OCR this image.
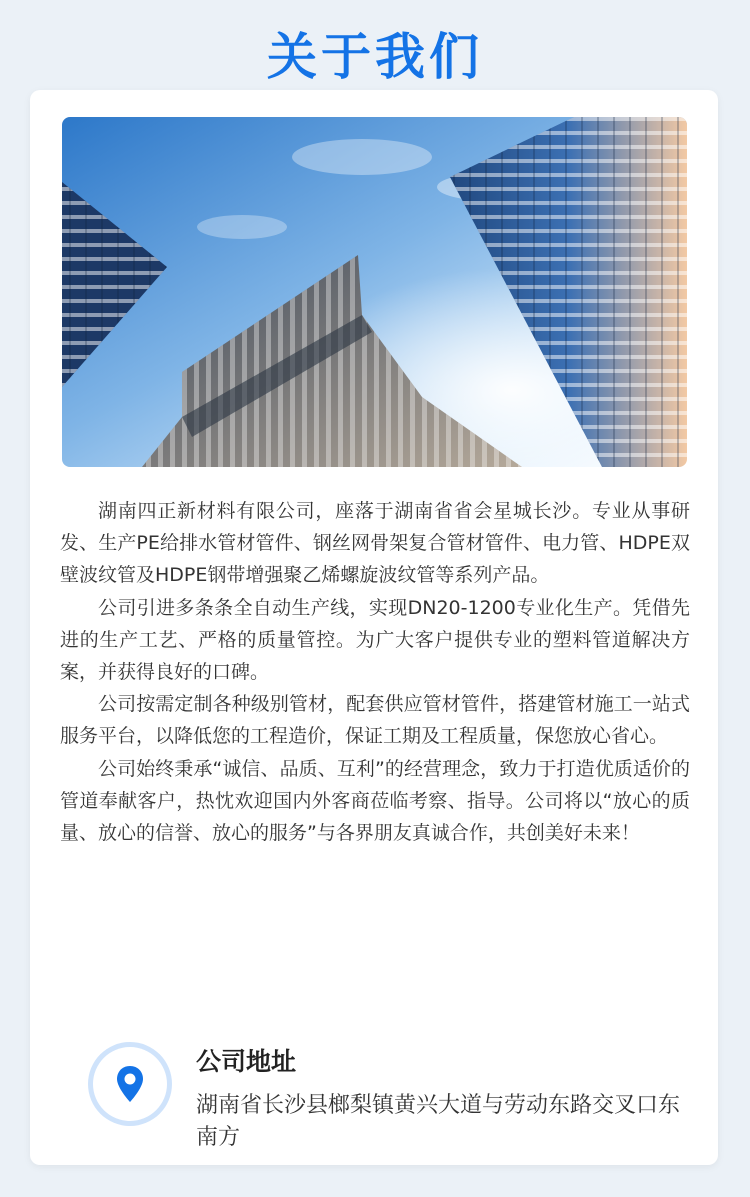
关于我们

湖南四正新材料有限公司，座落于湖南省省会星城长沙。专业从事研发、生产PE给排水管材管件、钢丝网骨架复合管材管件、电力管、HDPE双壁波纹管及HDPE钢带增强聚乙烯螺旋波纹管等系列产品。

公司引进多条条全自动生产线，实现DN20-1200专业化生产。凭借先进的生产工艺、严格的质量管控。为广大客户提供专业的塑料管道解决方案，并获得良好的口碑。

公司按需定制各种级别管材，配套供应管材管件，搭建管材施工一站式服务平台，以降低您的工程造价，保证工期及工程质量，保您放心省心。

公司始终秉承“诚信、品质、互利”的经营理念，致力于打造优质适价的管道奉献客户，热忱欢迎国内外客商莅临考察、指导。公司将以“放心的质量、放心的信誉、放心的服务”与各界朋友真诚合作，共创美好未来！

公司地址
湖南省长沙县榔梨镇黄兴大道与劳动东路交叉口东南方
